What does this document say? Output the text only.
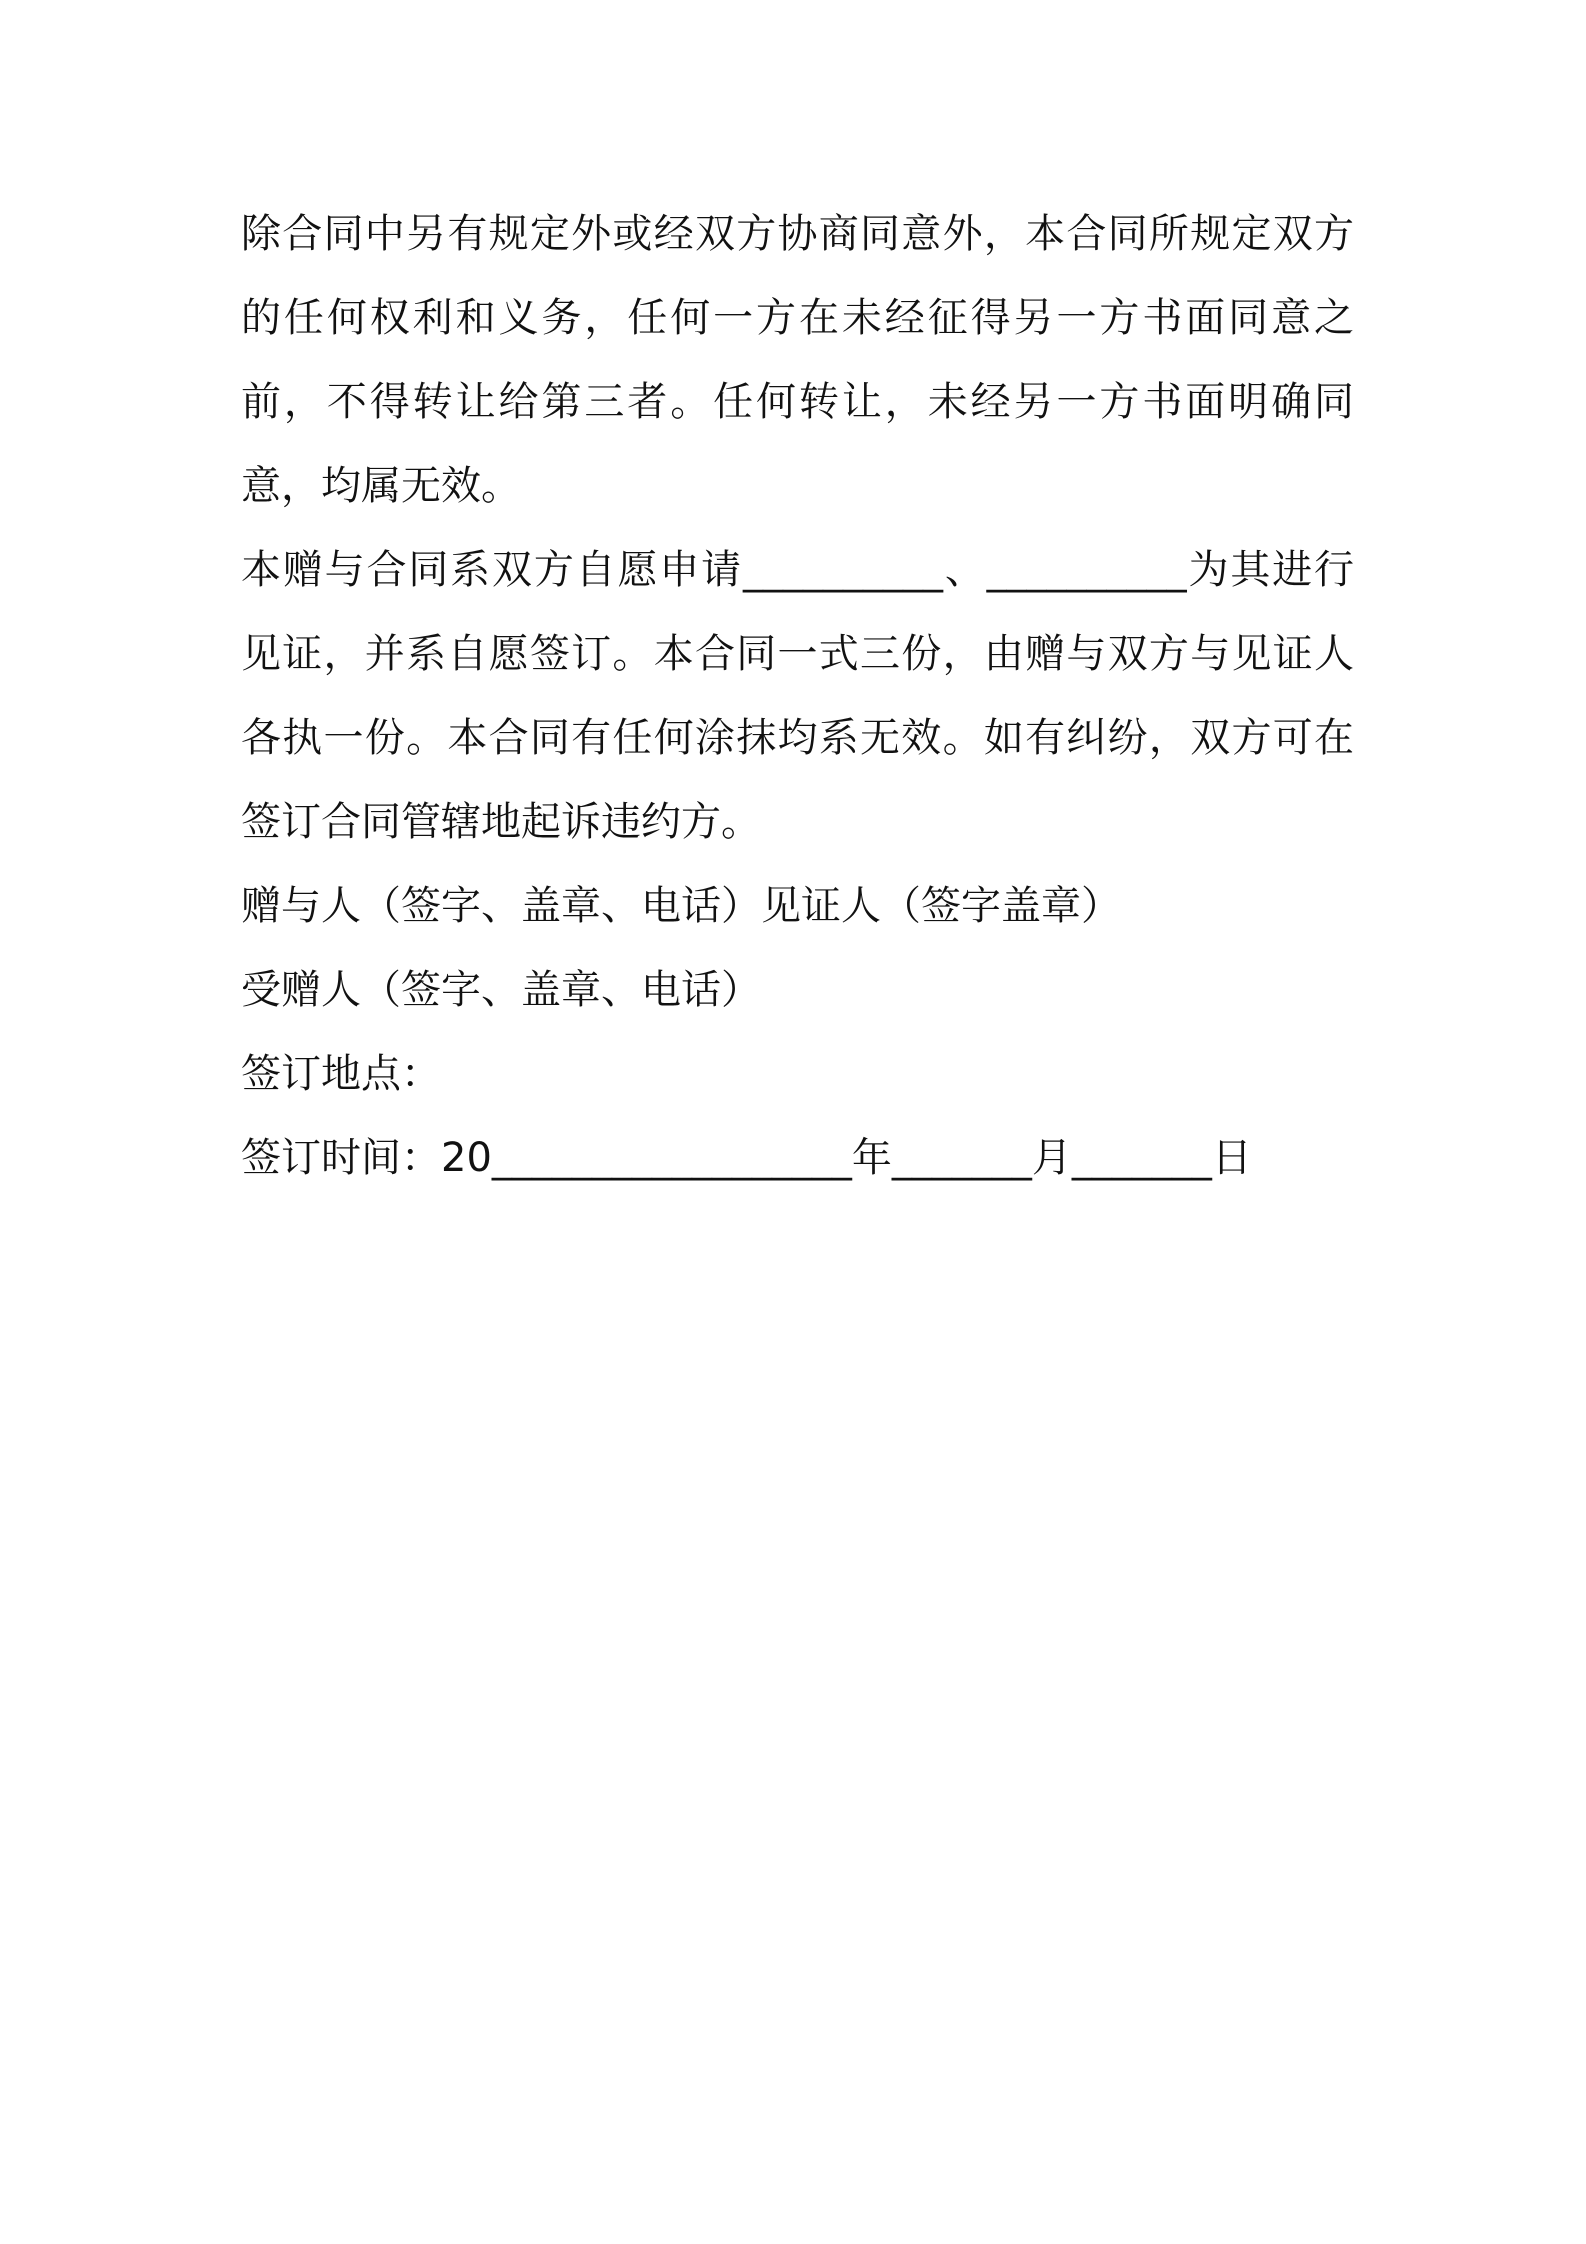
除合同中另有规定外或经双方协商同意外，本合同所规定双方的任何权利和义务，任何一方在未经征得另一方书面同意之前，不得转让给第三者。任何转让，未经另一方书面明确同意，均属无效。

本赠与合同系双方自愿申请__________、__________为其进行见证，并系自愿签订。本合同一式三份，由赠与双方与见证人各执一份。本合同有任何涂抹均系无效。如有纠纷，双方可在签订合同管辖地起诉违约方。

赠与人（签字、盖章、电话）见证人（签字盖章）

受赠人（签字、盖章、电话）

签订地点：

签订时间：20__________________年_______月_______日
